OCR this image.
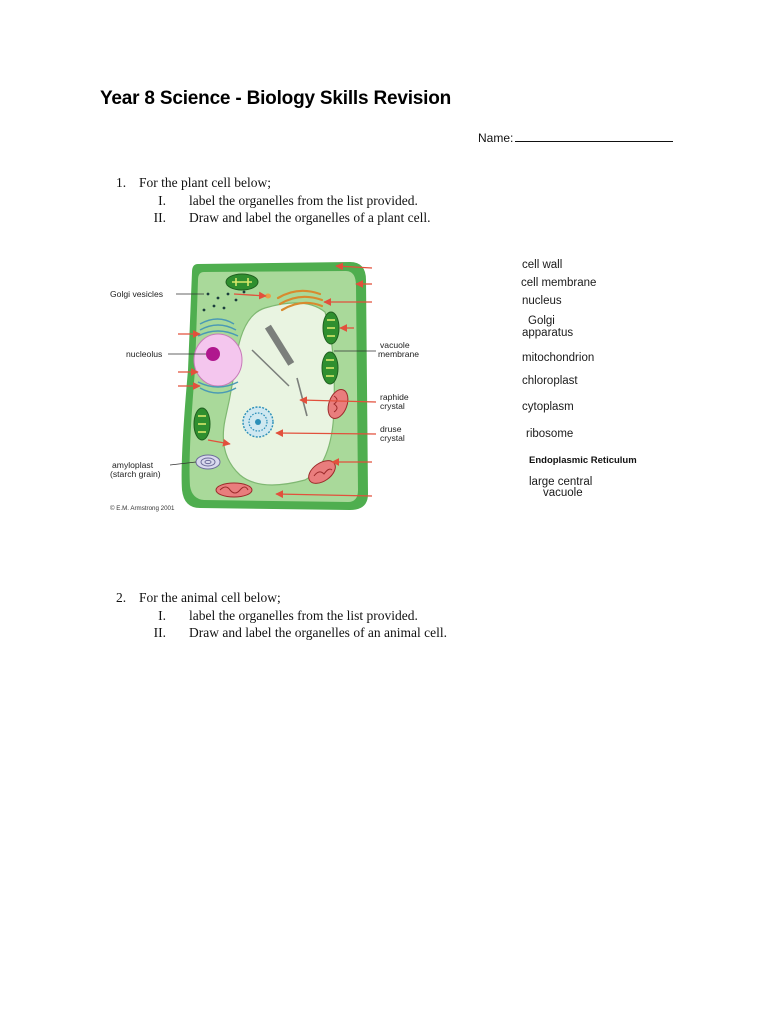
Year 8 Science - Biology Skills Revision
Name:
1. For the plant cell below;
I. label the organelles from the list provided.
II. Draw and label the organelles of a plant cell.
Golgi vesicles
nucleolus
vacuole
membrane
raphide
crystal
druse
crystal
amyloplast
(starch grain)
© E.M. Armstrong 2001
cell wall
cell membrane
nucleus
Golgi
apparatus
mitochondrion
chloroplast
cytoplasm
ribosome
Endoplasmic Reticulum
large central
vacuole
2. For the animal cell below;
I. label the organelles from the list provided.
II. Draw and label the organelles of an animal cell.
